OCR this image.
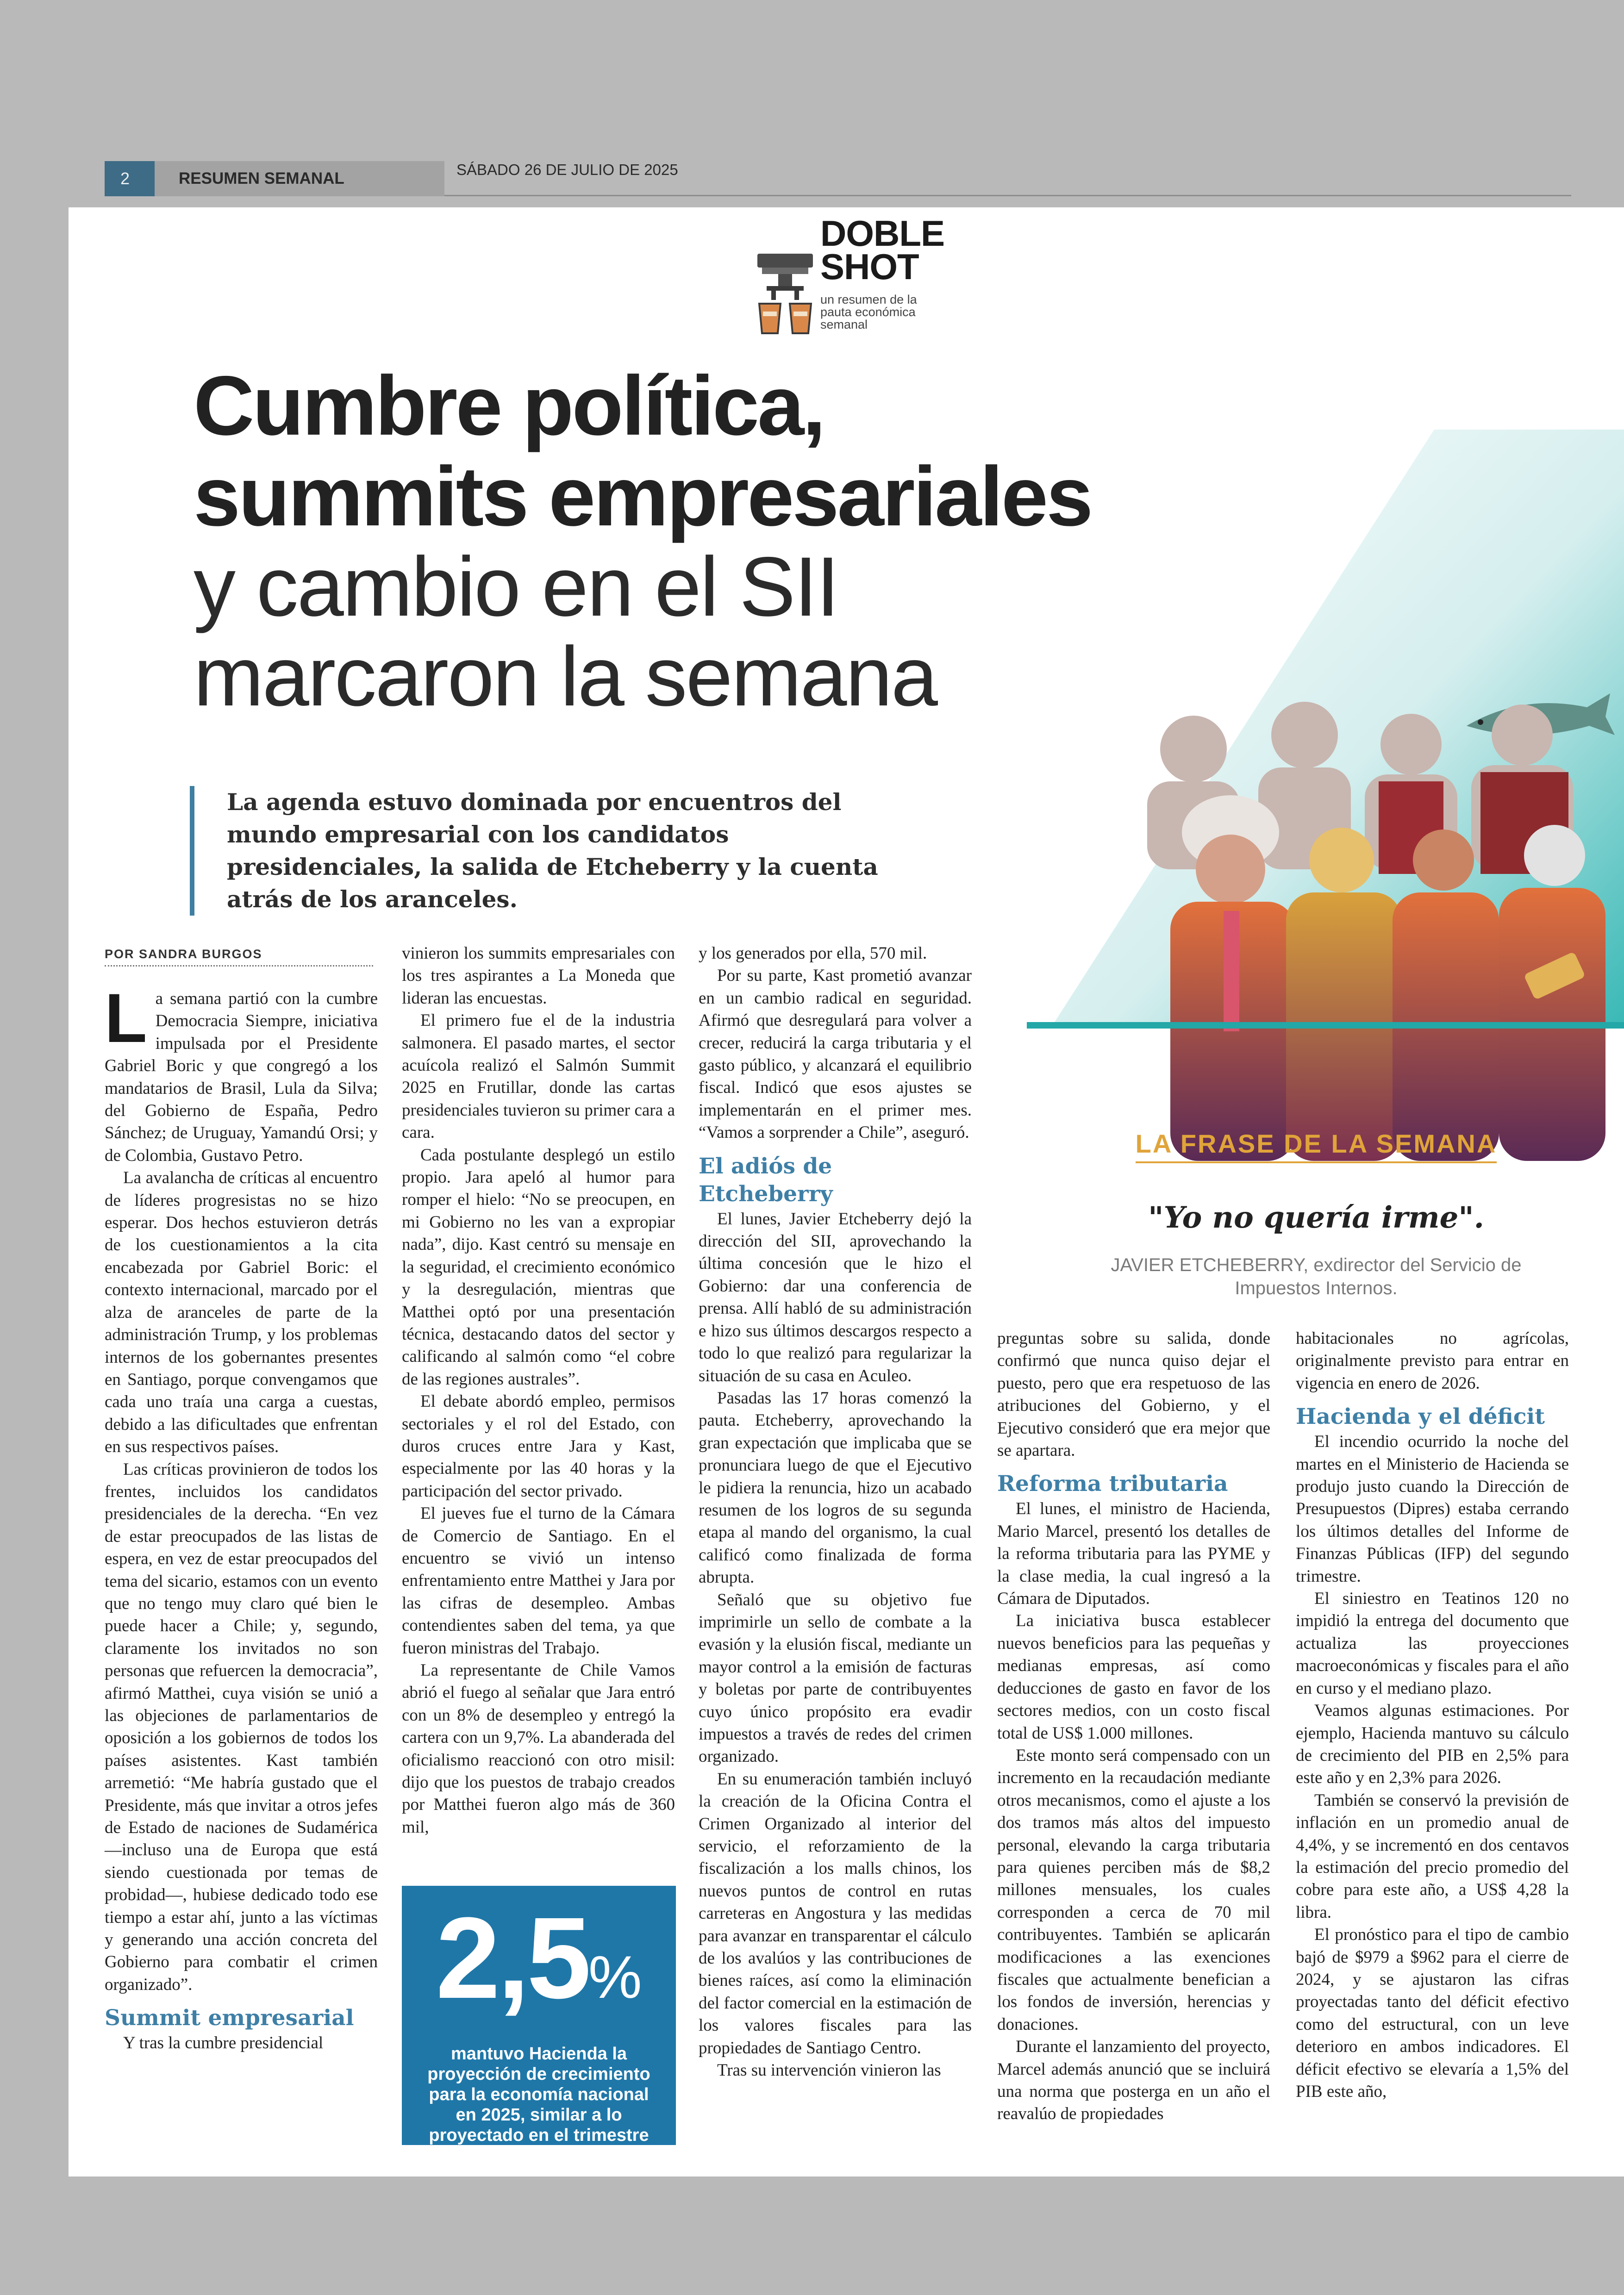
2	RESUMEN SEMANAL	SÁBADO 26 DE JULIO DE 2025
DOBLE
SHOT
un resumen de la pauta económica semanal
Cumbre política,
summits empresariales
y cambio en el SII
marcaron la semana
La agenda estuvo dominada por encuentros del mundo empresarial con los candidatos presidenciales, la salida de Etcheberry y la cuenta atrás de los aranceles.
POR SANDRA BURGOS

La semana partió con la cumbre Democracia Siempre, iniciativa impulsada por el Presidente Gabriel Boric y que congregó a los mandatarios de Brasil, Lula da Silva; del Gobierno de España, Pedro Sánchez; de Uruguay, Yamandú Orsi; y de Colombia, Gustavo Petro.

La avalancha de críticas al encuentro de líderes progresistas no se hizo esperar. Dos hechos estuvieron detrás de los cuestionamientos a la cita encabezada por Gabriel Boric: el contexto internacional, marcado por el alza de aranceles de parte de la administración Trump, y los problemas internos de los gobernantes presentes en Santiago, porque convengamos que cada uno traía una carga a cuestas, debido a las dificultades que enfrentan en sus respectivos países.

Las críticas provinieron de todos los frentes, incluidos los candidatos presidenciales de la derecha. “En vez de estar preocupados de las listas de espera, en vez de estar preocupados del tema del sicario, estamos con un evento que no tengo muy claro qué bien le puede hacer a Chile; y, segundo, claramente los invitados no son personas que refuercen la democracia”, afirmó Matthei, cuya visión se unió a las objeciones de parlamentarios de oposición a los gobiernos de todos los países asistentes. Kast también arremetió: “Me habría gustado que el Presidente, más que invitar a otros jefes de Estado de naciones de Sudamérica —incluso una de Europa que está siendo cuestionada por temas de probidad—, hubiese dedicado todo ese tiempo a estar ahí, junto a las víctimas y generando una acción concreta del Gobierno para combatir el crimen organizado”.

Summit empresarial

Y tras la cumbre presidencial

vinieron los summits empresariales con los tres aspirantes a La Moneda que lideran las encuestas.

El primero fue el de la industria salmonera. El pasado martes, el sector acuícola realizó el Salmón Summit 2025 en Frutillar, donde las cartas presidenciales tuvieron su primer cara a cara.

Cada postulante desplegó un estilo propio. Jara apeló al humor para romper el hielo: “No se preocupen, en mi Gobierno no les van a expropiar nada”, dijo. Kast centró su mensaje en la seguridad, el crecimiento económico y la desregulación, mientras que Matthei optó por una presentación técnica, destacando datos del sector y calificando al salmón como “el cobre de las regiones australes”.

El debate abordó empleo, permisos sectoriales y el rol del Estado, con duros cruces entre Jara y Kast, especialmente por las 40 horas y la participación del sector privado.

El jueves fue el turno de la Cámara de Comercio de Santiago. En el encuentro se vivió un intenso enfrentamiento entre Matthei y Jara por las cifras de desempleo. Ambas contendientes saben del tema, ya que fueron ministras del Trabajo.

La representante de Chile Vamos abrió el fuego al señalar que Jara entró con un 8% de desempleo y entregó la cartera con un 9,7%. La abanderada del oficialismo reaccionó con otro misil: dijo que los puestos de trabajo creados por Matthei fueron algo más de 360 mil,

2,5%
mantuvo Hacienda la proyección de crecimiento para la economía nacional en 2025, similar a lo proyectado en el trimestre anterior

y los generados por ella, 570 mil.

Por su parte, Kast prometió avanzar en un cambio radical en seguridad. Afirmó que desregulará para volver a crecer, reducirá la carga tributaria y el gasto público, y alcanzará el equilibrio fiscal. Indicó que esos ajustes se implementarán en el primer mes. “Vamos a sorprender a Chile”, aseguró.

El adiós de Etcheberry

El lunes, Javier Etcheberry dejó la dirección del SII, aprovechando la última concesión que le hizo el Gobierno: dar una conferencia de prensa. Allí habló de su administración e hizo sus últimos descargos respecto a todo lo que realizó para regularizar la situación de su casa en Aculeo.

Pasadas las 17 horas comenzó la pauta. Etcheberry, aprovechando la gran expectación que implicaba que se pronunciara luego de que el Ejecutivo le pidiera la renuncia, hizo un acabado resumen de los logros de su segunda etapa al mando del organismo, la cual calificó como finalizada de forma abrupta.

Señaló que su objetivo fue imprimirle un sello de combate a la evasión y la elusión fiscal, mediante un mayor control a la emisión de facturas y boletas por parte de contribuyentes cuyo único propósito era evadir impuestos a través de redes del crimen organizado.

En su enumeración también incluyó la creación de la Oficina Contra el Crimen Organizado al interior del servicio, el reforzamiento de la fiscalización a los malls chinos, los nuevos puntos de control en rutas carreteras en Angostura y las medidas para avanzar en transparentar el cálculo de los avalúos y las contribuciones de bienes raíces, así como la eliminación del factor comercial en la estimación de los valores fiscales para las propiedades de Santiago Centro.

Tras su intervención vinieron las

LA FRASE DE LA SEMANA
"Yo no quería irme".
JAVIER ETCHEBERRY, exdirector del Servicio de Impuestos Internos.

preguntas sobre su salida, donde confirmó que nunca quiso dejar el puesto, pero que era respetuoso de las atribuciones del Gobierno, y el Ejecutivo consideró que era mejor que se apartara.

Reforma tributaria

El lunes, el ministro de Hacienda, Mario Marcel, presentó los detalles de la reforma tributaria para las PYME y la clase media, la cual ingresó a la Cámara de Diputados.

La iniciativa busca establecer nuevos beneficios para las pequeñas y medianas empresas, así como deducciones de gasto en favor de los sectores medios, con un costo fiscal total de US$ 1.000 millones.

Este monto será compensado con un incremento en la recaudación mediante otros mecanismos, como el ajuste a los dos tramos más altos del impuesto personal, elevando la carga tributaria para quienes perciben más de $8,2 millones mensuales, los cuales corresponden a cerca de 70 mil contribuyentes. También se aplicarán modificaciones a las exenciones fiscales que actualmente benefician a los fondos de inversión, herencias y donaciones.

Durante el lanzamiento del proyecto, Marcel además anunció que se incluirá una norma que posterga en un año el reavalúo de propiedades

habitacionales no agrícolas, originalmente previsto para entrar en vigencia en enero de 2026.

Hacienda y el déficit

El incendio ocurrido la noche del martes en el Ministerio de Hacienda se produjo justo cuando la Dirección de Presupuestos (Dipres) estaba cerrando los últimos detalles del Informe de Finanzas Públicas (IFP) del segundo trimestre.

El siniestro en Teatinos 120 no impidió la entrega del documento que actualiza las proyecciones macroeconómicas y fiscales para el año en curso y el mediano plazo.

Veamos algunas estimaciones. Por ejemplo, Hacienda mantuvo su cálculo de crecimiento del PIB en 2,5% para este año y en 2,3% para 2026.

También se conservó la previsión de inflación en un promedio anual de 4,4%, y se incrementó en dos centavos la estimación del precio promedio del cobre para este año, a US$ 4,28 la libra.

El pronóstico para el tipo de cambio bajó de $979 a $962 para el cierre de 2024, y se ajustaron las cifras proyectadas tanto del déficit efectivo como del estructural, con un leve deterioro en ambos indicadores. El déficit efectivo se elevaría a 1,5% del PIB este año,
